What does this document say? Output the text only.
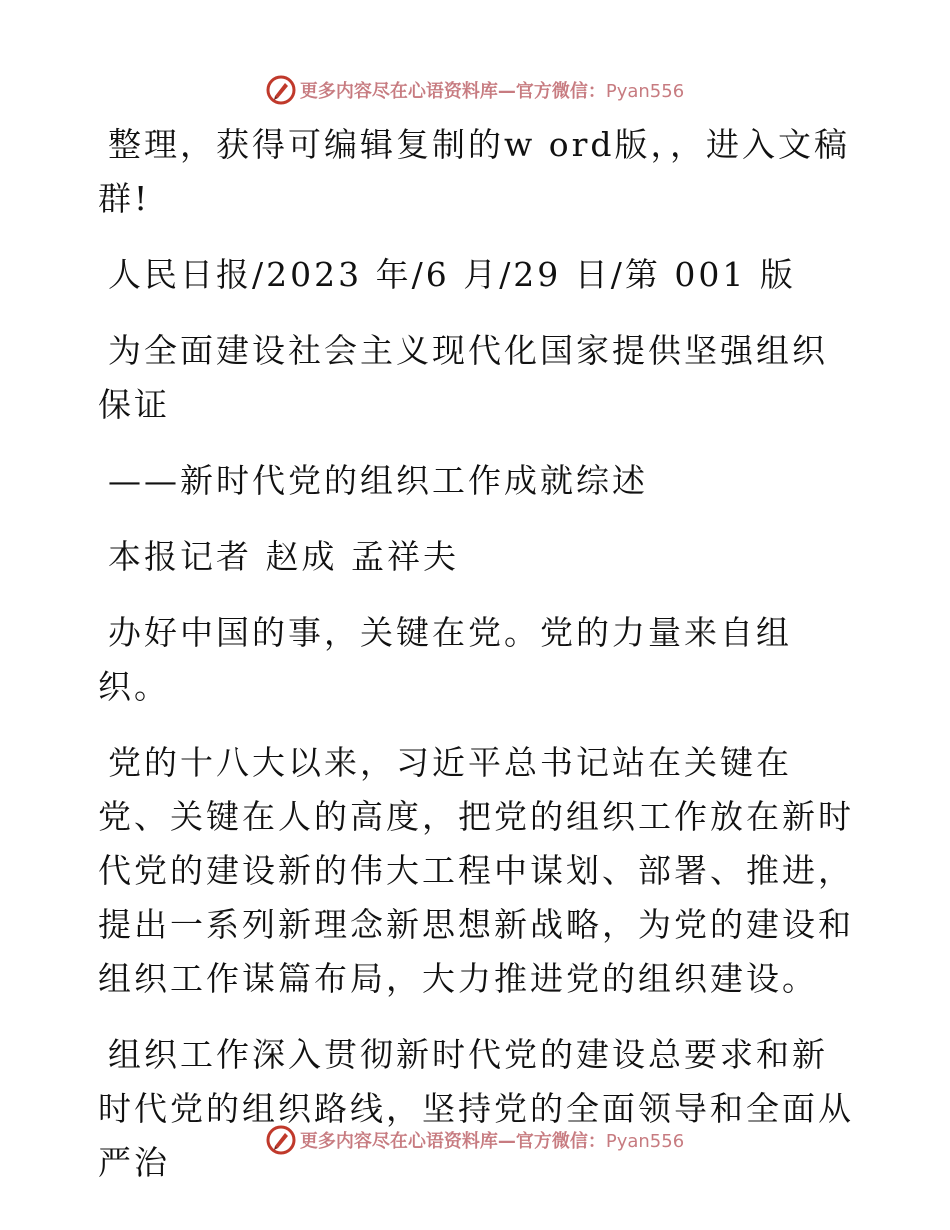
更多内容尽在心语资料库—官方微信：Pyan556

整理，获得可编辑复制的w ord版，，进入文稿群!

人民日报/2023 年/6 月/29 日/第 001 版

为全面建设社会主义现代化国家提供坚强组织保证

——新时代党的组织工作成就综述

本报记者 赵成 孟祥夫

办好中国的事，关键在党。党的力量来自组织。

党的十八大以来，习近平总书记站在关键在党、关键在人的高度，把党的组织工作放在新时代党的建设新的伟大工程中谋划、部署、推进，提出一系列新理念新思想新战略，为党的建设和组织工作谋篇布局，大力推进党的组织建设。

组织工作深入贯彻新时代党的建设总要求和新时代党的组织路线，坚持党的全面领导和全面从严治

更多内容尽在心语资料库—官方微信：Pyan556
